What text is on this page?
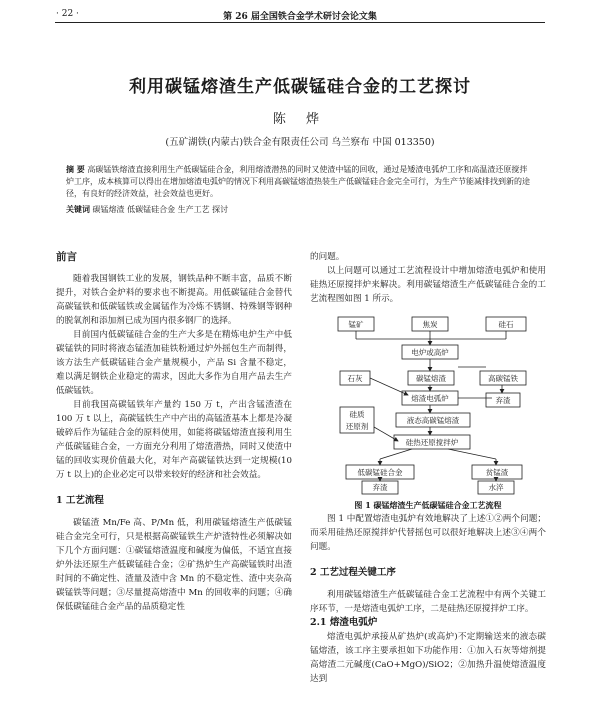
· 22 ·	第 26 届全国铁合金学术研讨会论文集
利用碳锰熔渣生产低碳锰硅合金的工艺探讨
陈 烨
(五矿湖铁(内蒙古)铁合金有限责任公司 乌兰察布 中国 013350)
摘 要 高碳锰铁熔渣直接利用生产低碳锰硅合金，利用熔渣潜热的同时又使渣中锰的回收，通过是矮渣电弧炉工序和高温渣还原搅拌炉工序，成本核算可以得出在增加熔渣电弧炉的情况下利用高碳锰熔渣热装生产低碳锰硅合金完全可行，为生产节能减排找到新的途径，有良好的经济效益，社会效益也更好。
关键词 碳锰熔渣 低碳锰硅合金 生产工艺 探讨
前言

随着我国钢铁工业的发展，钢铁品种不断丰富，品质不断提升，对铁合金炉料的要求也不断提高。用低碳锰硅合金替代高碳锰铁和低碳锰铁或金属锰作为冷炼不锈钢、特殊钢等钢种的脱氧剂和添加剂已成为国内很多钢厂的选择。

目前国内低碳锰硅合金的生产大多是在精炼电炉生产中低碳锰铁的同时将液态锰渣加硅铁粉通过炉外摇包生产而制得，该方法生产低碳锰硅合金产量规模小，产品 Si 含量不稳定，难以满足钢铁企业稳定的需求，因此大多作为自用产品去生产低碳锰铁。

目前我国高碳锰铁年产量约 150 万 t，产出含锰渣渣在 100 万 t 以上，高碳锰铁生产中产出的高锰渣基本上都是冷凝破碎后作为锰硅合金的原料使用，如能将碳锰熔渣直接利用生产低碳锰硅合金，一方面充分利用了熔渣潜热，同时又使渣中锰的回收实现价值最大化，对年产高碳锰铁达到一定规模(10 万 t 以上)的企业必定可以带来较好的经济和社会效益。

1 工艺流程

碳锰渣 Mn/Fe 高、P/Mn 低，利用碳锰熔渣生产低碳锰硅合金完全可行，只是根据高碳锰铁生产炉渣特性必须解决如下几个方面问题：①碳锰熔渣温度和碱度为偏低，不适宜直接炉外法还原生产低碳锰硅合金；②矿热炉生产高碳锰铁时出渣时间的不确定性、渣量及渣中含 Mn 的不稳定性、渣中夹杂高碳锰铁等问题；③尽量提高熔渣中 Mn 的回收率的问题；④确保低碳锰硅合金产品的品质稳定性

的问题。

以上问题可以通过工艺流程设计中增加熔渣电弧炉和使用硅热还原搅拌炉来解决。利用碳锰熔渣生产低碳锰硅合金的工艺流程图如图 1 所示。

锰矿	焦炭	硅石
电炉或高炉
石灰	碳锰熔渣	高碳锰铁
熔渣电弧炉	弃渣
硅质
还原剂
液态高碳锰熔渣
硅热还原搅拌炉
低碳锰硅合金	贫锰渣
弃渣	水淬
图 1 碳锰熔渣生产低碳锰硅合金工艺流程

图 1 中配置熔渣电弧炉有效地解决了上述①②两个问题；而采用硅热还原搅拌炉代替摇包可以很好地解决上述③④两个问题。

2 工艺过程关键工序

利用碳锰熔渣生产低碳锰硅合金工艺流程中有两个关键工序环节，一是熔渣电弧炉工序，二是硅热还原搅拌炉工序。

2.1 熔渣电弧炉

熔渣电弧炉承接从矿热炉(或高炉)不定期输送来的液态碳锰熔渣，该工序主要承担如下功能作用：①加入石灰等熔剂提高熔渣二元碱度(CaO+MgO)/SiO2；②加热升温使熔渣温度达到
